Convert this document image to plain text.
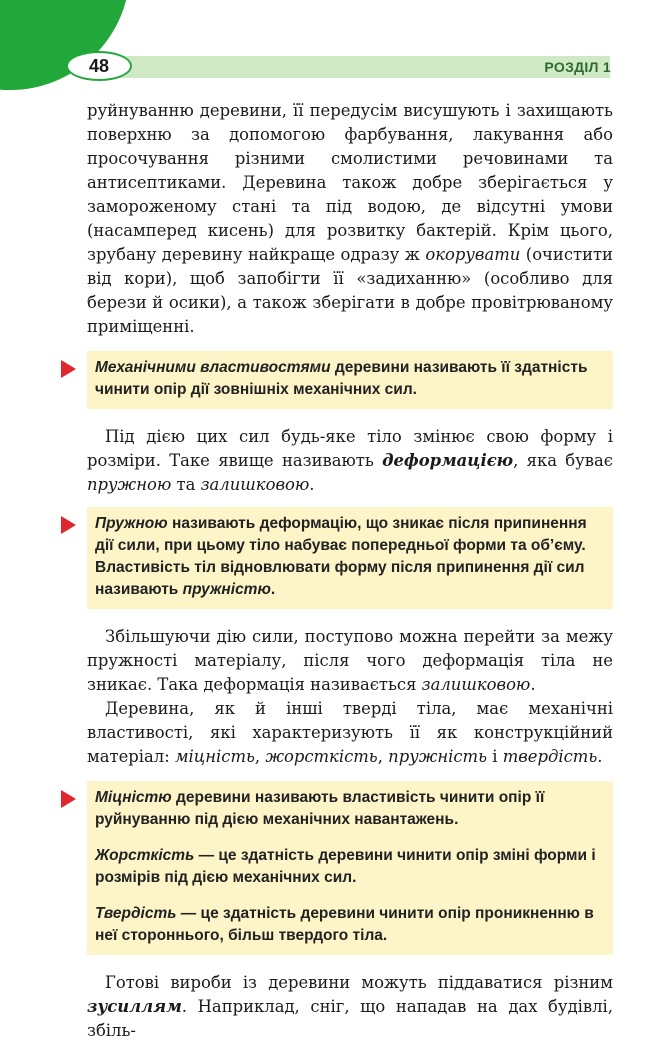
48	РОЗДІЛ 1

руйнуванню деревини, її передусім висушують і захищають поверхню за допомогою фарбування, лакування або просочування різними смолистими речовинами та антисептиками. Деревина також добре зберігається у замороженому стані та під водою, де відсутні умови (насамперед кисень) для розвитку бактерій. Крім цього, зрубану деревину найкраще одразу ж окорувати (очистити від кори), щоб запобігти її «задиханню» (особливо для берези й осики), а також зберігати в добре провітрюваному приміщенні.

Механічними властивостями деревини називають її здатність чинити опір дії зовнішніх механічних сил.

Під дією цих сил будь-яке тіло змінює свою форму і розміри. Таке явище називають деформацією, яка буває пружною та залишковою.

Пружною називають деформацію, що зникає після припинення дії сили, при цьому тіло набуває попередньої форми та об’єму.

Властивість тіл відновлювати форму після припинення дії сил називають пружністю.

Збільшуючи дію сили, поступово можна перейти за межу пружності матеріалу, після чого деформація тіла не зникає. Така деформація називається залишковою.

Деревина, як й інші тверді тіла, має механічні властивості, які характеризують її як конструкційний матеріал: міцність, жорсткість, пружність і твердість.

Міцністю деревини називають властивість чинити опір її руйнуванню під дією механічних навантажень.

Жорсткість — це здатність деревини чинити опір зміні форми і розмірів під дією механічних сил.

Твердість — це здатність деревини чинити опір проникненню в неї стороннього, більш твердого тіла.

Готові вироби із деревини можуть піддаватися різним зусиллям. Наприклад, сніг, що нападав на дах будівлі, збіль-
